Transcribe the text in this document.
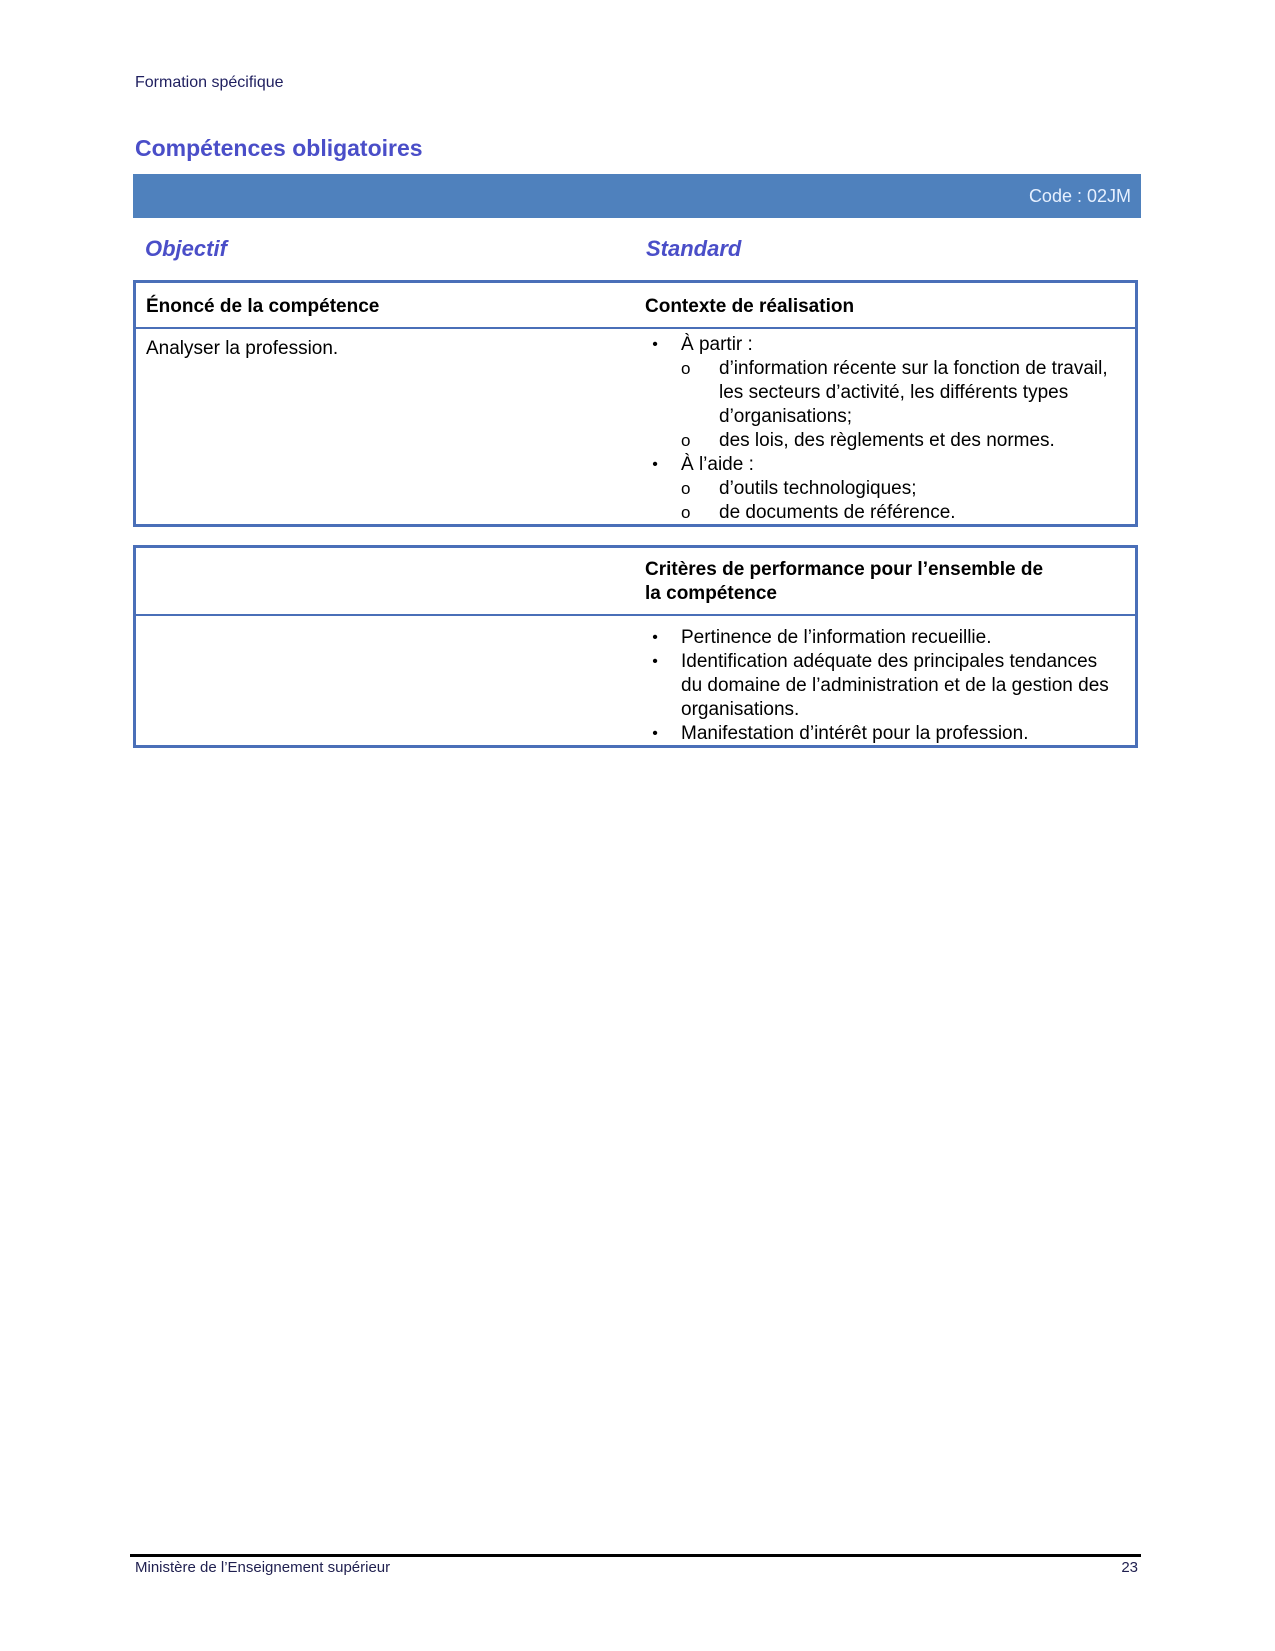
Formation spécifique
Compétences obligatoires
Code : 02JM
Objectif	Standard
Énoncé de la compétence	Contexte de réalisation
Analyser la profession.	•	À partir :
o	d’information récente sur la fonction de travail, les secteurs d’activité, les différents types d’organisations;
o	des lois, des règlements et des normes.
•	À l’aide :
o	d’outils technologiques;
o	de documents de référence.
Critères de performance pour l’ensemble de la compétence
•	Pertinence de l’information recueillie.
•	Identification adéquate des principales tendances du domaine de l’administration et de la gestion des organisations.
•	Manifestation d’intérêt pour la profession.
Ministère de l’Enseignement supérieur	23
